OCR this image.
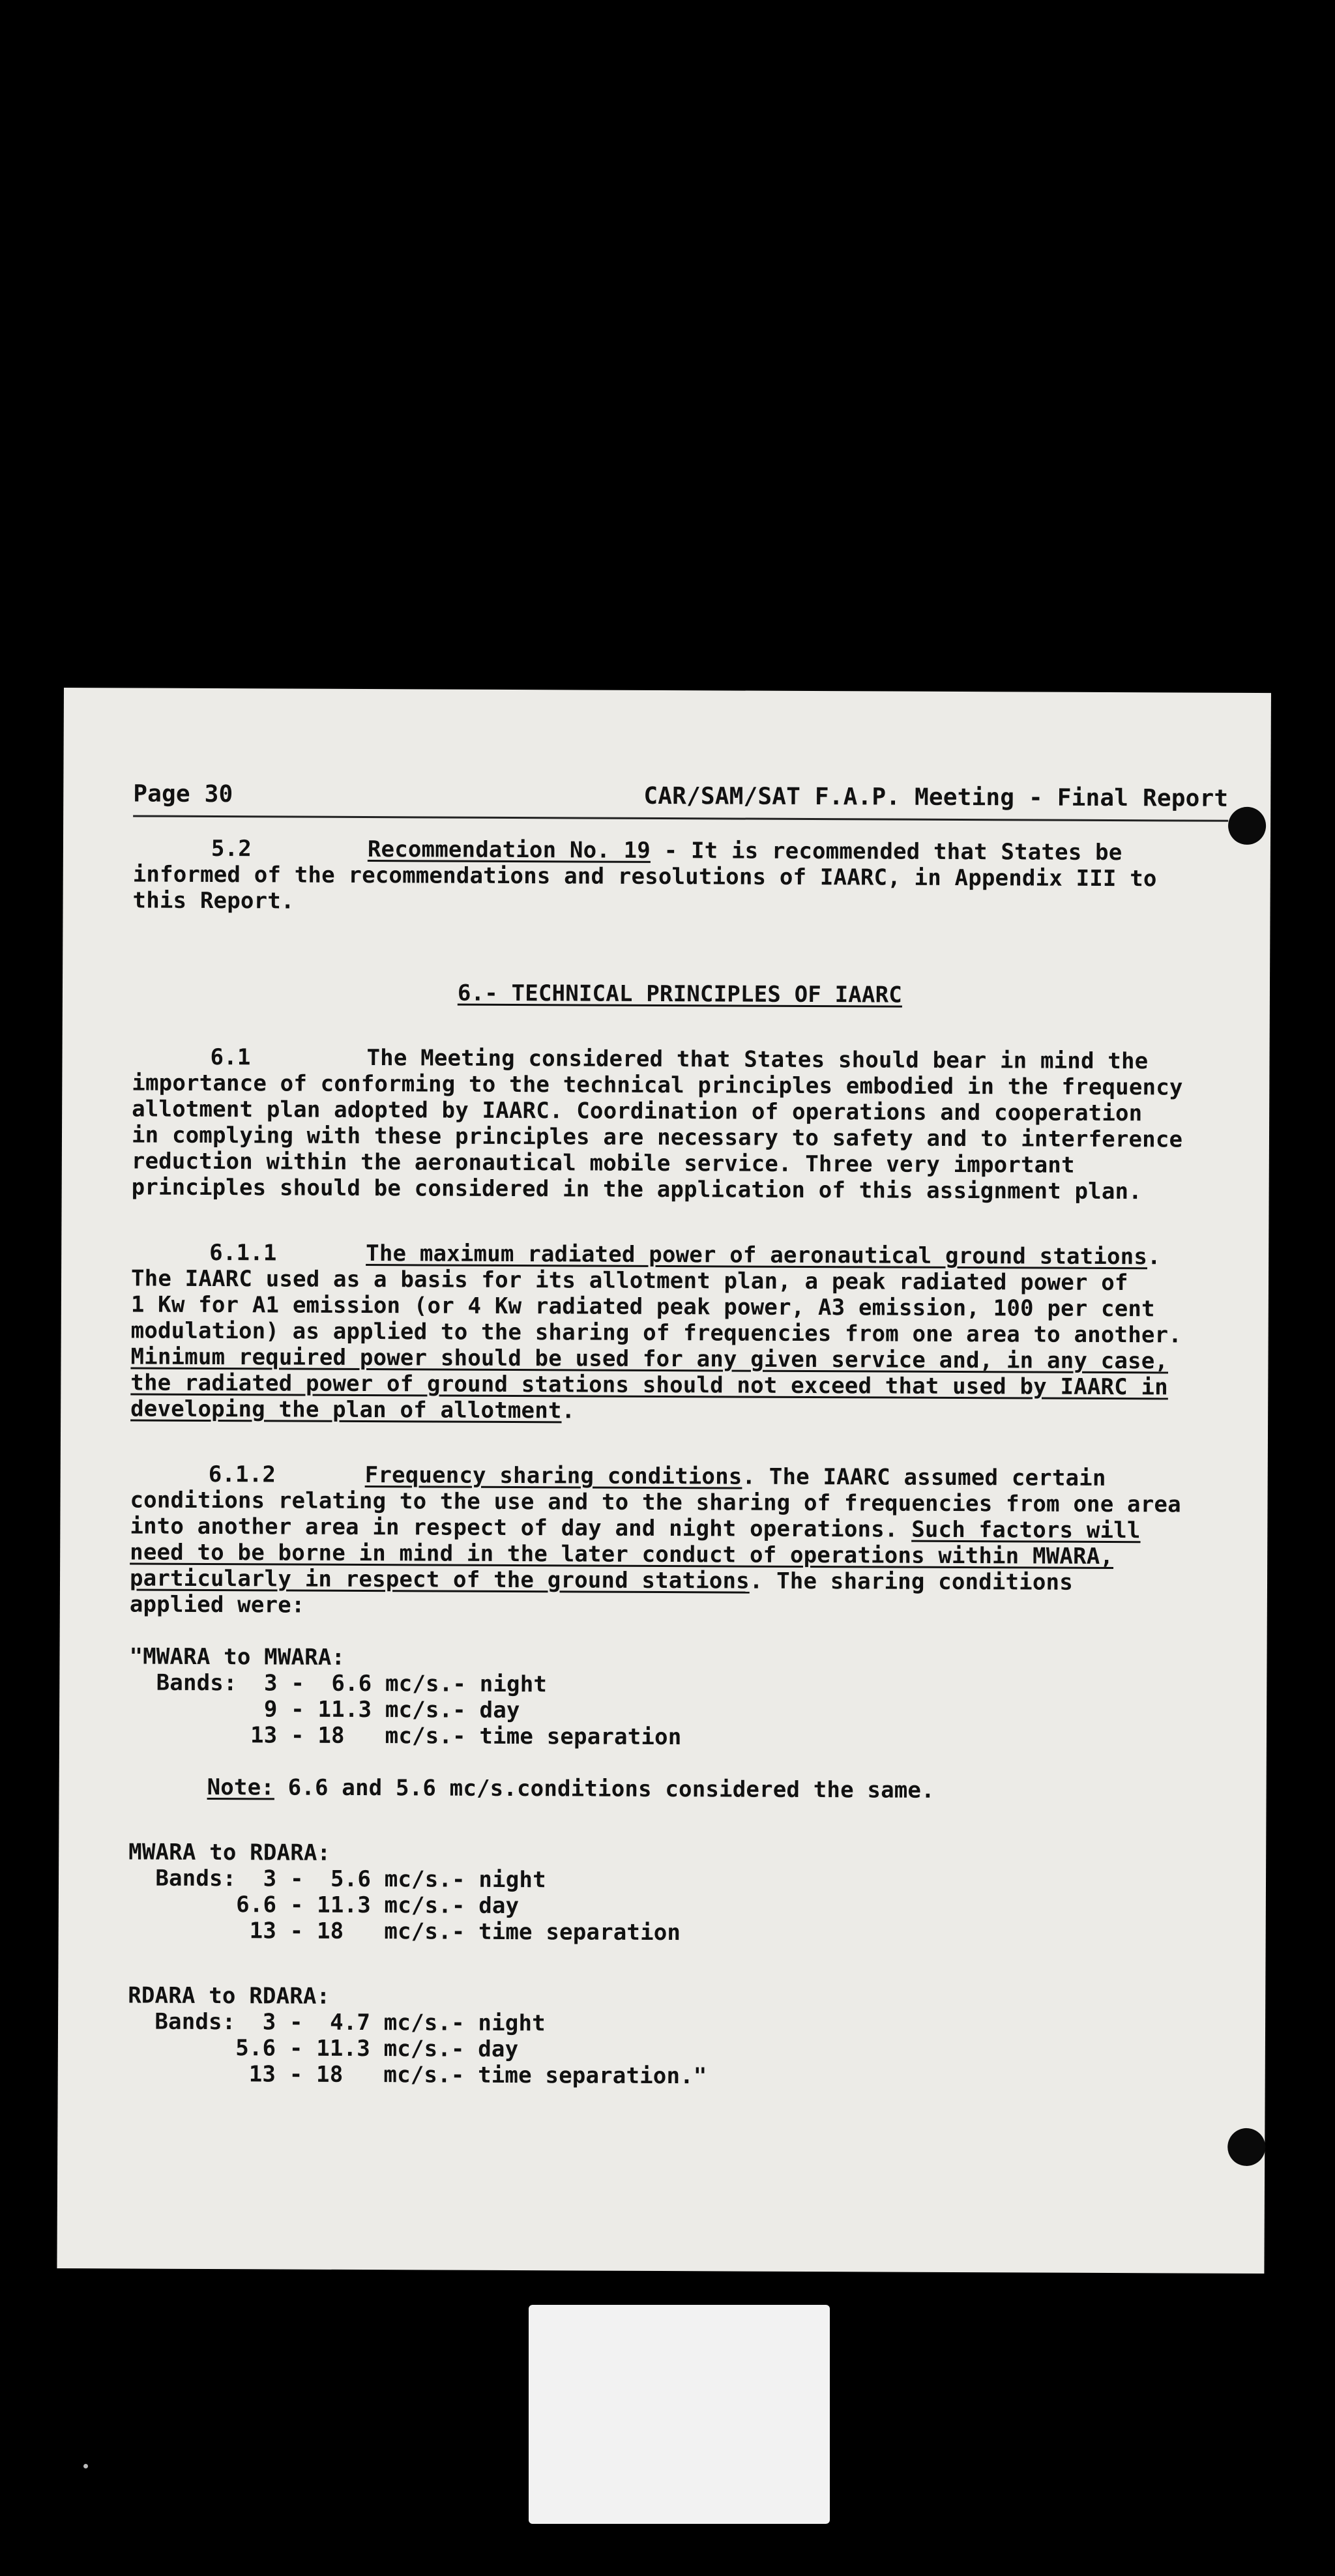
Page 30	CAR/SAM/SAT F.A.P. Meeting - Final Report

5.2	Recommendation No. 19 - It is recommended that States be

informed of the recommendations and resolutions of IAARC, in Appendix III to

this Report.

6.- TECHNICAL PRINCIPLES OF IAARC

6.1	The Meeting considered that States should bear in mind the

importance of conforming to the technical principles embodied in the frequency

allotment plan adopted by IAARC. Coordination of operations and cooperation

in complying with these principles are necessary to safety and to interference

reduction within the aeronautical mobile service. Three very important

principles should be considered in the application of this assignment plan.

6.1.1	The maximum radiated power of aeronautical ground stations.

The IAARC used as a basis for its allotment plan, a peak radiated power of

1 Kw for A1 emission (or 4 Kw radiated peak power, A3 emission, 100 per cent

modulation) as applied to the sharing of frequencies from one area to another.

Minimum required power should be used for any given service and, in any case,

the radiated power of ground stations should not exceed that used by IAARC in

developing the plan of allotment.

6.1.2	Frequency sharing conditions. The IAARC assumed certain

conditions relating to the use and to the sharing of frequencies from one area

into another area in respect of day and night operations. Such factors will

need to be borne in mind in the later conduct of operations within MWARA,

particularly in respect of the ground stations. The sharing conditions

applied were:

"MWARA to MWARA:

Bands:  3 -  6.6 mc/s.- night

9 - 11.3 mc/s.- day

13 - 18   mc/s.- time separation

Note: 6.6 and 5.6 mc/s.conditions considered the same.

MWARA to RDARA:

Bands:  3 -  5.6 mc/s.- night

6.6 - 11.3 mc/s.- day

13 - 18   mc/s.- time separation

RDARA to RDARA:

Bands:  3 -  4.7 mc/s.- night

5.6 - 11.3 mc/s.- day

13 - 18   mc/s.- time separation."
